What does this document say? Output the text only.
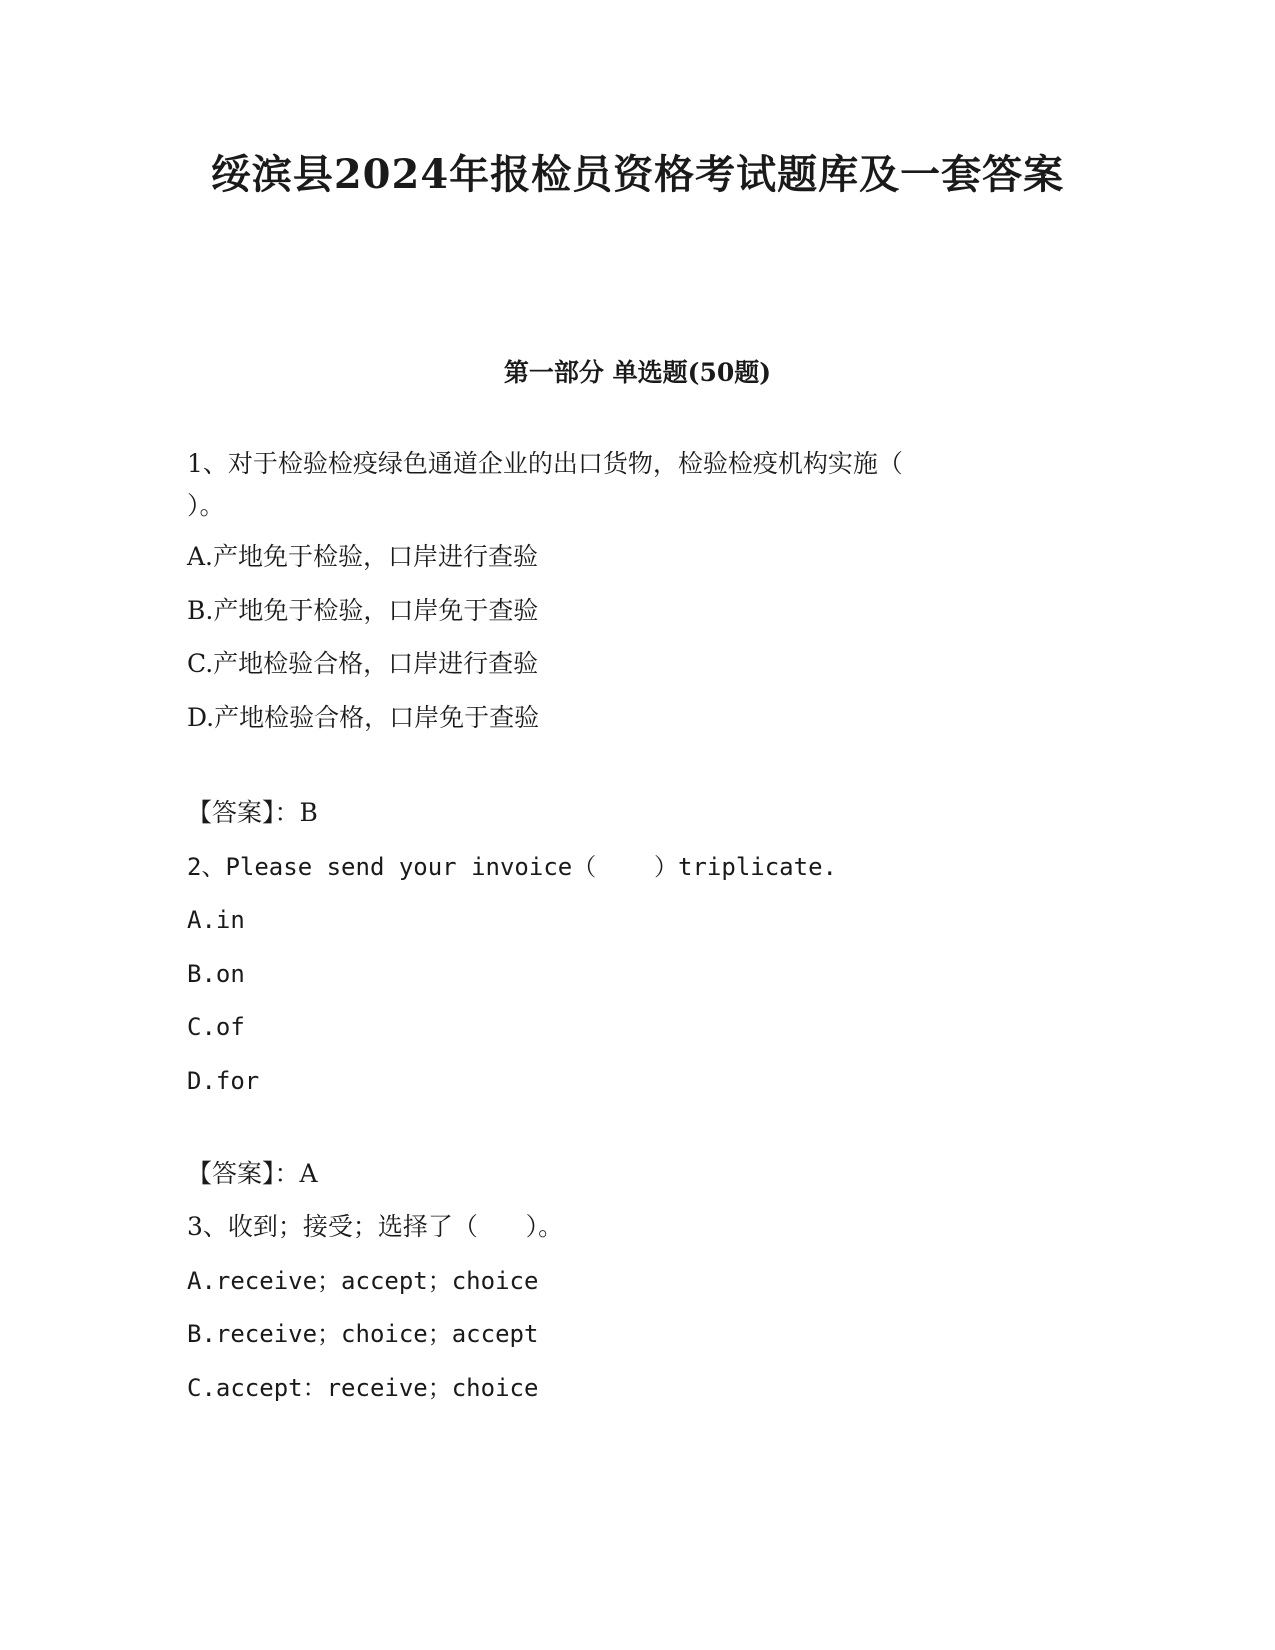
绥滨县2024年报检员资格考试题库及一套答案
第一部分 单选题(50题)
1、对于检验检疫绿色通道企业的出口货物，检验检疫机构实施（
）。
A.产地免于检验，口岸进行查验
B.产地免于检验，口岸免于查验
C.产地检验合格，口岸进行查验
D.产地检验合格，口岸免于查验
【答案】：B
2、Please send your invoice（    ）triplicate.
A.in
B.on
C.of
D.for
【答案】：A
3、收到；接受；选择了（      ）。
A.receive；accept；choice
B.receive；choice；accept
C.accept：receive；choice
